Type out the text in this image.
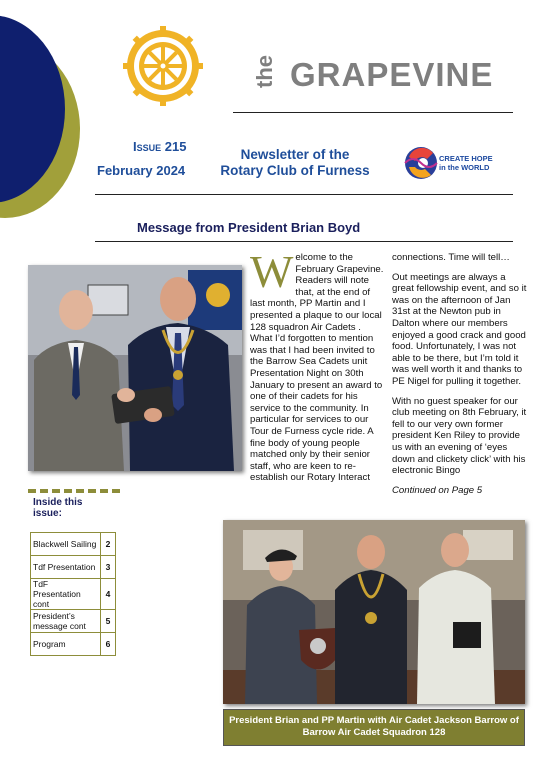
the GRAPEVINE
Issue 215
February 2024
Newsletter of the
Rotary Club of Furness
CREATE HOPE
in the WORLD
Message from President Brian Boyd
Welcome to the February Grapevine. Readers will note that, at the end of last month, PP Martin and I presented a plaque to our local 128 squadron Air Cadets . What I’d forgotten to mention was that I had been invited to the Barrow Sea Cadets unit Presentation Night on 30th January to present an award to one of their cadets for his service to the community. In particular for services to our Tour de Furness cycle ride. A fine body of young people matched only by their senior staff, who are keen to re-establish our Rotary Interact

connections. Time will tell…

Out meetings are always a great fellowship event, and so it was on the afternoon of Jan 31st at the Newton pub in Dalton where our members enjoyed a good crack and good food. Unfortunately, I was not able to be there, but I’m told it was well worth it and thanks to PE Nigel for pulling it together.

With no guest speaker for our club meeting on 8th February, it fell to our very own former president Ken Riley to provide us with an evening of ‘eyes down and clickety click’ with his electronic Bingo

Continued on Page 5

Inside this issue:
Blackwell Sailing	2
Tdf Presentation	3
TdF Presentation cont	4
President’s message cont	5
Program	6
President Brian and PP Martin with Air Cadet Jackson Barrow of Barrow Air Cadet Squadron 128
